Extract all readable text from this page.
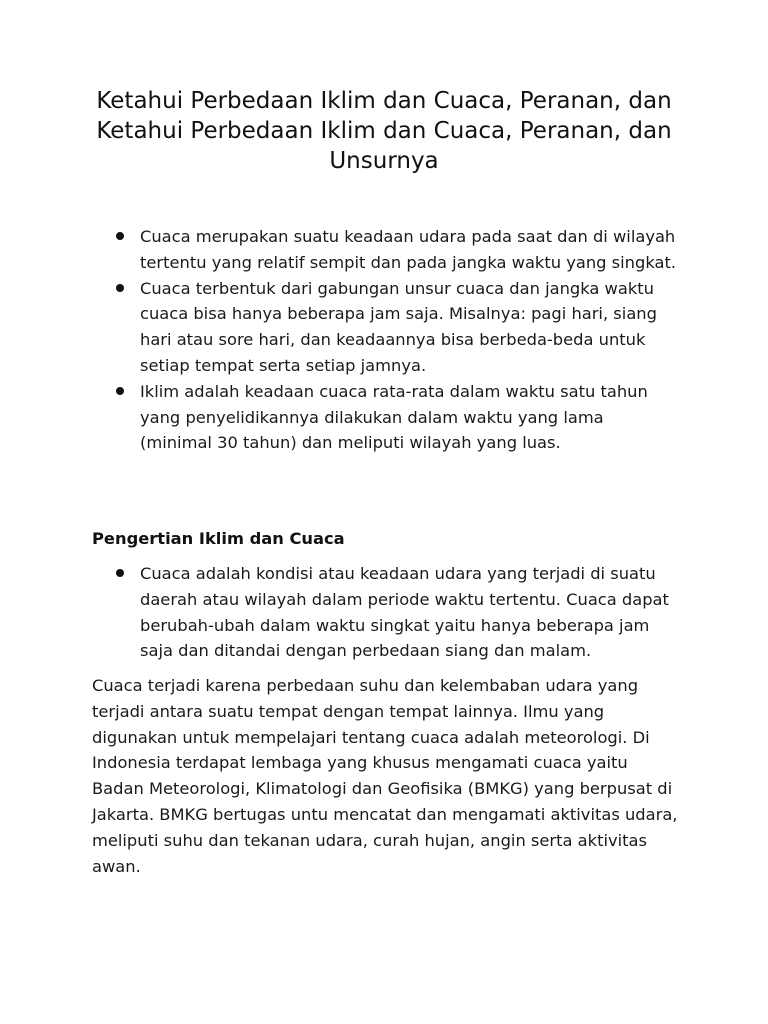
Ketahui Perbedaan Iklim dan Cuaca, Peranan, dan Ketahui Perbedaan Iklim dan Cuaca, Peranan, dan Unsurnya
Cuaca merupakan suatu keadaan udara pada saat dan di wilayah tertentu yang relatif sempit dan pada jangka waktu yang singkat.
Cuaca terbentuk dari gabungan unsur cuaca dan jangka waktu cuaca bisa hanya beberapa jam saja. Misalnya: pagi hari, siang hari atau sore hari, dan keadaannya bisa berbeda-beda untuk setiap tempat serta setiap jamnya.
Iklim adalah keadaan cuaca rata-rata dalam waktu satu tahun yang penyelidikannya dilakukan dalam waktu yang lama (minimal 30 tahun) dan meliputi wilayah yang luas.
Pengertian Iklim dan Cuaca
Cuaca adalah kondisi atau keadaan udara yang terjadi di suatu daerah atau wilayah dalam periode waktu tertentu. Cuaca dapat berubah-ubah dalam waktu singkat yaitu hanya beberapa jam saja dan ditandai dengan perbedaan siang dan malam.

Cuaca terjadi karena perbedaan suhu dan kelembaban udara yang terjadi antara suatu tempat dengan tempat lainnya. Ilmu yang digunakan untuk mempelajari tentang cuaca adalah meteorologi. Di Indonesia terdapat lembaga yang khusus mengamati cuaca yaitu Badan Meteorologi, Klimatologi dan Geofisika (BMKG) yang berpusat di Jakarta. BMKG bertugas untu mencatat dan mengamati aktivitas udara, meliputi suhu dan tekanan udara, curah hujan, angin serta aktivitas awan.
